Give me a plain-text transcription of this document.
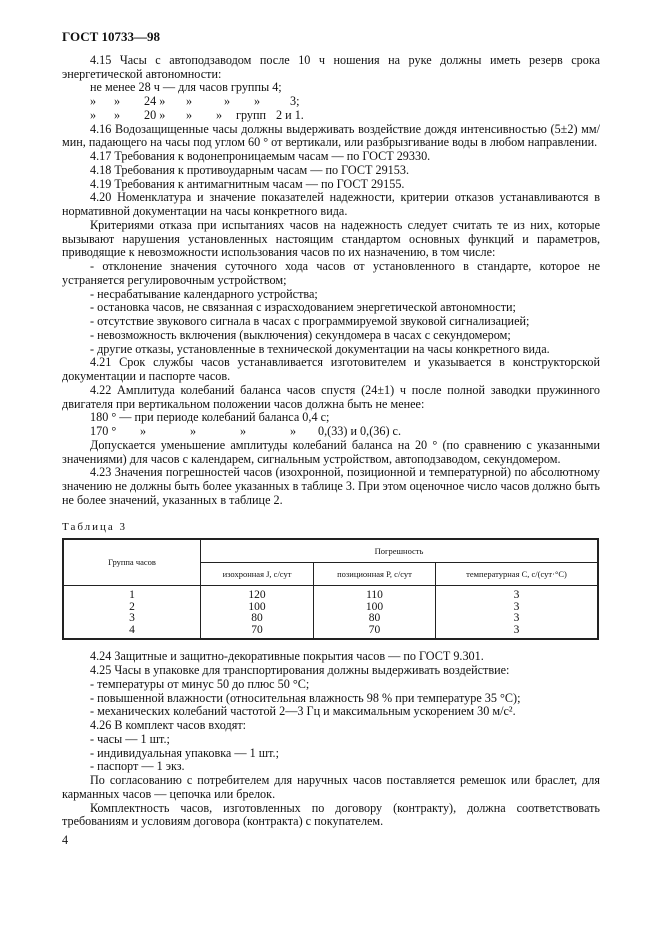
ГОСТ 10733—98

4.15 Часы с автоподзаводом после 10 ч ношения на руке должны иметь резерв срока энергетической автономности:

не менее 28 ч — для часов группы 4;

» » 24 » »	» » 3;

» » 20 » » » групп 2 и 1.

4.16 Водозащищенные часы должны выдерживать воздействие дождя интенсивностью (5±2) мм/мин, падающего на часы под углом 60 ° от вертикали, или разбрызгивание воды в любом направлении.

4.17 Требования к водонепроницаемым часам — по ГОСТ 29330.

4.18 Требования к противоударным часам — по ГОСТ 29153.

4.19 Требования к антимагнитным часам — по ГОСТ 29155.

4.20 Номенклатура и значение показателей надежности, критерии отказов устанавливаются в нормативной документации на часы конкретного вида.

Критериями отказа при испытаниях часов на надежность следует считать те из них, которые вызывают нарушения установленных настоящим стандартом основных функций и параметров, приводящие к невозможности использования часов по их назначению, в том числе:

- отклонение значения суточного хода часов от установленного в стандарте, которое не устраняется регулировочным устройством;

- несрабатывание календарного устройства;

- остановка часов, не связанная с израсходованием энергетической автономности;

- отсутствие звукового сигнала в часах с программируемой звуковой сигнализацией;

- невозможность включения (выключения) секундомера в часах с секундомером;

- другие отказы, установленные в технической документации на часы конкретного вида.

4.21 Срок службы часов устанавливается изготовителем и указывается в конструкторской документации и паспорте часов.

4.22 Амплитуда колебаний баланса часов спустя (24±1) ч после полной заводки пружинного двигателя при вертикальном положении часов должна быть не менее:

180 ° — при периоде колебаний баланса 0,4 с;

170 ° »	»	»	» 0,(33) и 0,(36) с.

Допускается уменьшение амплитуды колебаний баланса на 20 ° (по сравнению с указанными значениями) для часов с календарем, сигнальным устройством, автоподзаводом, секундомером.

4.23 Значения погрешностей часов (изохронной, позиционной и температурной) по абсолютному значению не должны быть более указанных в таблице 3. При этом оценочное число часов должно быть не более значений, указанных в таблице 2.

Таблица 3
Группа часов	Погрешность		
	изохронная J, с/сут	позиционная P, с/сут	температурная C, с/(сут·°С)
1	120	110	3
2	100	100	3
3	80	80	3
4	70	70	3

4.24 Защитные и защитно-декоративные покрытия часов — по ГОСТ 9.301.

4.25 Часы в упаковке для транспортирования должны выдерживать воздействие:

- температуры от минус 50 до плюс 50 °С;

- повышенной влажности (относительная влажность 98 % при температуре 35 °С);

- механических колебаний частотой 2—3 Гц и максимальным ускорением 30 м/с².

4.26 В комплект часов входят:

- часы — 1 шт.;

- индивидуальная упаковка — 1 шт.;

- паспорт — 1 экз.

По согласованию с потребителем для наручных часов поставляется ремешок или браслет, для карманных часов — цепочка или брелок.

Комплектность часов, изготовленных по договору (контракту), должна соответствовать требованиям и условиям договора (контракта) с покупателем.

4
